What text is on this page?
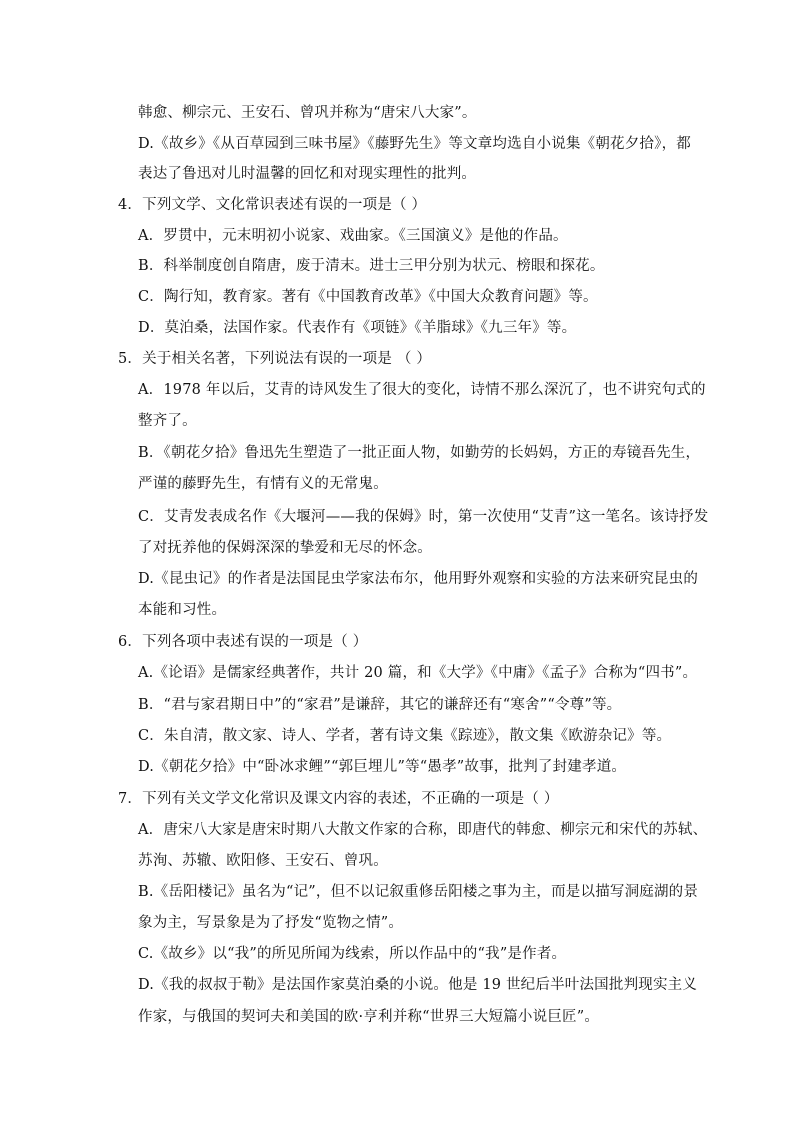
韩愈、柳宗元、王安石、曾巩并称为“唐宋八大家”。
D.《故乡》《从百草园到三味书屋》《藤野先生》等文章均选自小说集《朝花夕拾》，都
表达了鲁迅对儿时温馨的回忆和对现实理性的批判。
4．下列文学、文化常识表述有误的一项是（ ）
A．罗贯中，元末明初小说家、戏曲家。《三国演义》是他的作品。
B．科举制度创自隋唐，废于清末。进士三甲分别为状元、榜眼和探花。
C．陶行知，教育家。著有《中国教育改革》《中国大众教育问题》等。
D．莫泊桑，法国作家。代表作有《项链》《羊脂球》《九三年》等。
5．关于相关名著，下列说法有误的一项是 （ ）
A．1978 年以后，艾青的诗风发生了很大的变化，诗情不那么深沉了，也不讲究句式的
整齐了。
B．《朝花夕拾》鲁迅先生塑造了一批正面人物，如勤劳的长妈妈，方正的寿镜吾先生，
严谨的藤野先生，有情有义的无常鬼。
C．艾青发表成名作《大堰河——我的保姆》时，第一次使用“艾青”这一笔名。该诗抒发
了对抚养他的保姆深深的挚爱和无尽的怀念。
D.《昆虫记》的作者是法国昆虫学家法布尔，他用野外观察和实验的方法来研究昆虫的
本能和习性。
6．下列各项中表述有误的一项是（ ）
A.《论语》是儒家经典著作，共计 20 篇，和《大学》《中庸》《孟子》合称为“四书”。
B．“君与家君期日中”的“家君”是谦辞，其它的谦辞还有“寒舍”“令尊”等。
C．朱自清，散文家、诗人、学者，著有诗文集《踪迹》，散文集《欧游杂记》等。
D.《朝花夕拾》中“卧冰求鲤”“郭巨埋儿”等“愚孝”故事，批判了封建孝道。
7．下列有关文学文化常识及课文内容的表述，不正确的一项是（ ）
A．唐宋八大家是唐宋时期八大散文作家的合称，即唐代的韩愈、柳宗元和宋代的苏轼、
苏洵、苏辙、欧阳修、王安石、曾巩。
B.《岳阳楼记》虽名为“记”，但不以记叙重修岳阳楼之事为主，而是以描写洞庭湖的景
象为主，写景象是为了抒发“览物之情”。
C.《故乡》以“我”的所见所闻为线索，所以作品中的“我”是作者。
D.《我的叔叔于勒》是法国作家莫泊桑的小说。他是 19 世纪后半叶法国批判现实主义
作家，与俄国的契诃夫和美国的欧·亨利并称“世界三大短篇小说巨匠”。
